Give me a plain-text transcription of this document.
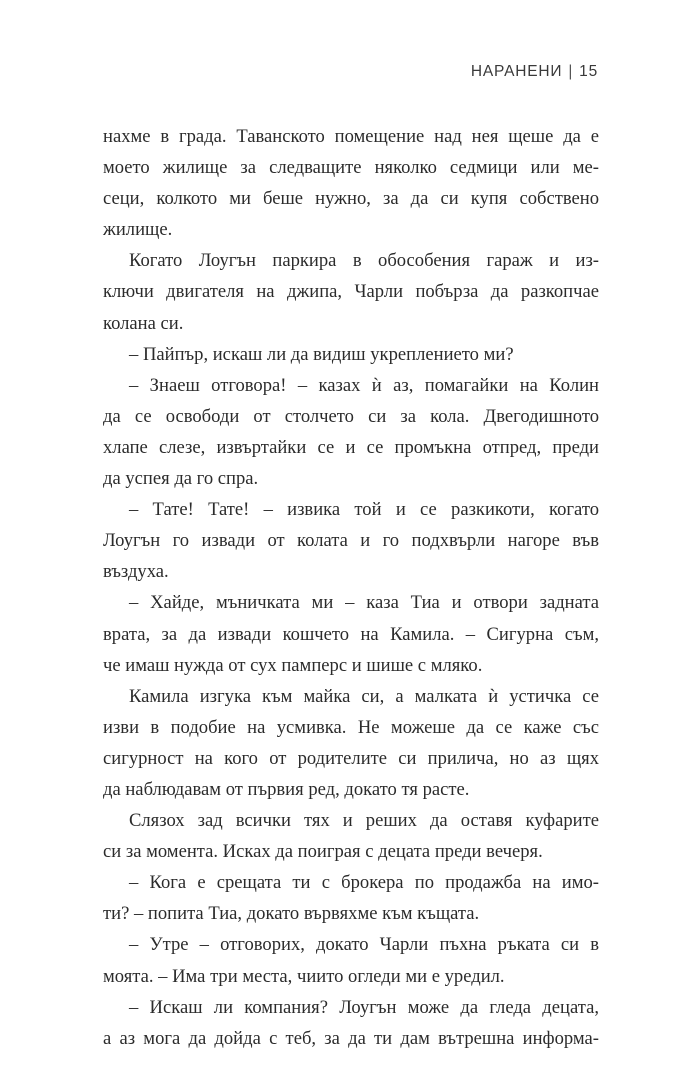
НАРАНЕНИ | 15
нахме в града. Таванското помещение над нея щеше да е
моето жилище за следващите няколко седмици или ме-
сеци, колкото ми беше нужно, за да си купя собствено
жилище.
Когато Лоугън паркира в обособения гараж и из-
ключи двигателя на джипа, Чарли побърза да разкопчае
колана си.
– Пайпър, искаш ли да видиш укреплението ми?
– Знаеш отговора! – казах ѝ аз, помагайки на Колин
да се освободи от столчето си за кола. Двегодишното
хлапе слезе, извъртайки се и се промъкна отпред, преди
да успея да го спра.
– Тате! Тате! – извика той и се разкикоти, когато
Лоугън го извади от колата и го подхвърли нагоре във
въздуха.
– Хайде, мъничката ми – каза Тиа и отвори задната
врата, за да извади кошчето на Камила. – Сигурна съм,
че имаш нужда от сух памперс и шише с мляко.
Камила изгука към майка си, а малката ѝ устичка се
изви в подобие на усмивка. Не можеше да се каже със
сигурност на кого от родителите си прилича, но аз щях
да наблюдавам от първия ред, докато тя расте.
Слязох зад всички тях и реших да оставя куфарите
си за момента. Исках да поиграя с децата преди вечеря.
– Кога е срещата ти с брокера по продажба на имо-
ти? – попита Тиа, докато вървяхме към къщата.
– Утре – отговорих, докато Чарли пъхна ръката си в
моята. – Има три места, чиито огледи ми е уредил.
– Искаш ли компания? Лоугън може да гледа децата,
а аз мога да дойда с теб, за да ти дам вътрешна информа-
